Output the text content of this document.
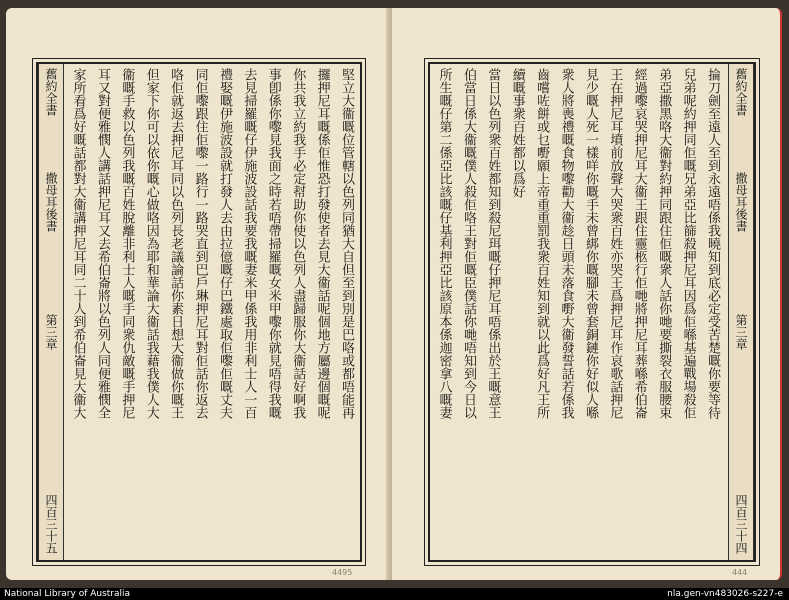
舊約全書
撒母耳後書
第三章
四百三十五
堅立大衞嘅位管轄以色列同猶大自但至到別是巴咯或都唔能再
攞押尼耳嘅係佢惟恐打發使者去見大衞話呢個地方屬邊個嘅呢
你共我立約我手必定幇助你使以色列人盡歸服你大衞話好啊我
事卽係你嚟見我面之時若唔帶掃羅嘅女米甲嚟你就見唔得我嘅
去見掃羅嘅仔伊施波設話我要我嘅妻米甲係我用非利士人一百
禮娶嘅伊施波設就打發人去由拉億嘅仔巴鐵處取佢嚟佢嘅丈夫
同佢嚟跟住佢嚟一路行一路哭直到巴戶琳押尼耳對佢話你返去
咯佢就返去押尼耳同以色列長老議論話你素日想大衞做你嘅王
但家下你可以依你嘅心做咯因為耶和華論大衞話我藉我僕人大
衞嘅手救以色列我嘅百姓脫離非利士人嘅手同衆仇敵嘅手押尼
耳又對便雅憫人講話押尼耳又去希伯崙將以色列人同便雅憫全
家所看爲好嘅話都對大衞講押尼耳同二十人到希伯崙見大衞大
4495
掄刀劍至遠人至到永遠唔係我曉知到底必定受苦楚嘅你要等待
兒弟呢約押同佢嘅兄弟亞比篩殺押尼耳因爲佢喺基遍戰場殺佢
弟亞撒黑咯大衞對約押同跟住佢嘅衆人話你哋要撕裂衣服腰束
經過嚟哀哭押尼耳大衞王跟住靈柩行佢哋將押尼耳葬喺希伯崙
王在押尼耳墳前放聲大哭衆百姓亦哭王爲押尼耳作哀歌話押尼
見少嘅人死一樣咩你嘅手未曾綁你嘅腳未曾套銅鏈你好似人喺
衆人將喪禮嘅食物嚟勸大衞趁日頭未落食嘢大衞發誓話若係我
齒嚐咗餅或乜嘢願上帝重重罰我衆百姓知到就以此爲好凡王所
續嘅事衆百姓都以爲好
當日以色列衆百姓都知到殺尼珥嘅仔押尼耳唔係出於王嘅意王
伯當日係大衞嘅僕人殺佢咯王對佢嘅臣僕話你哋唔知到今日以
所生嘅仔第二係亞比該嘅仔基利押亞比該原本係迦密拿八嘅妻	舊約全書
撒母耳後書
第三章
四百三十四
444
National Library of Australia	nla.gen-vn483026-s227-e
